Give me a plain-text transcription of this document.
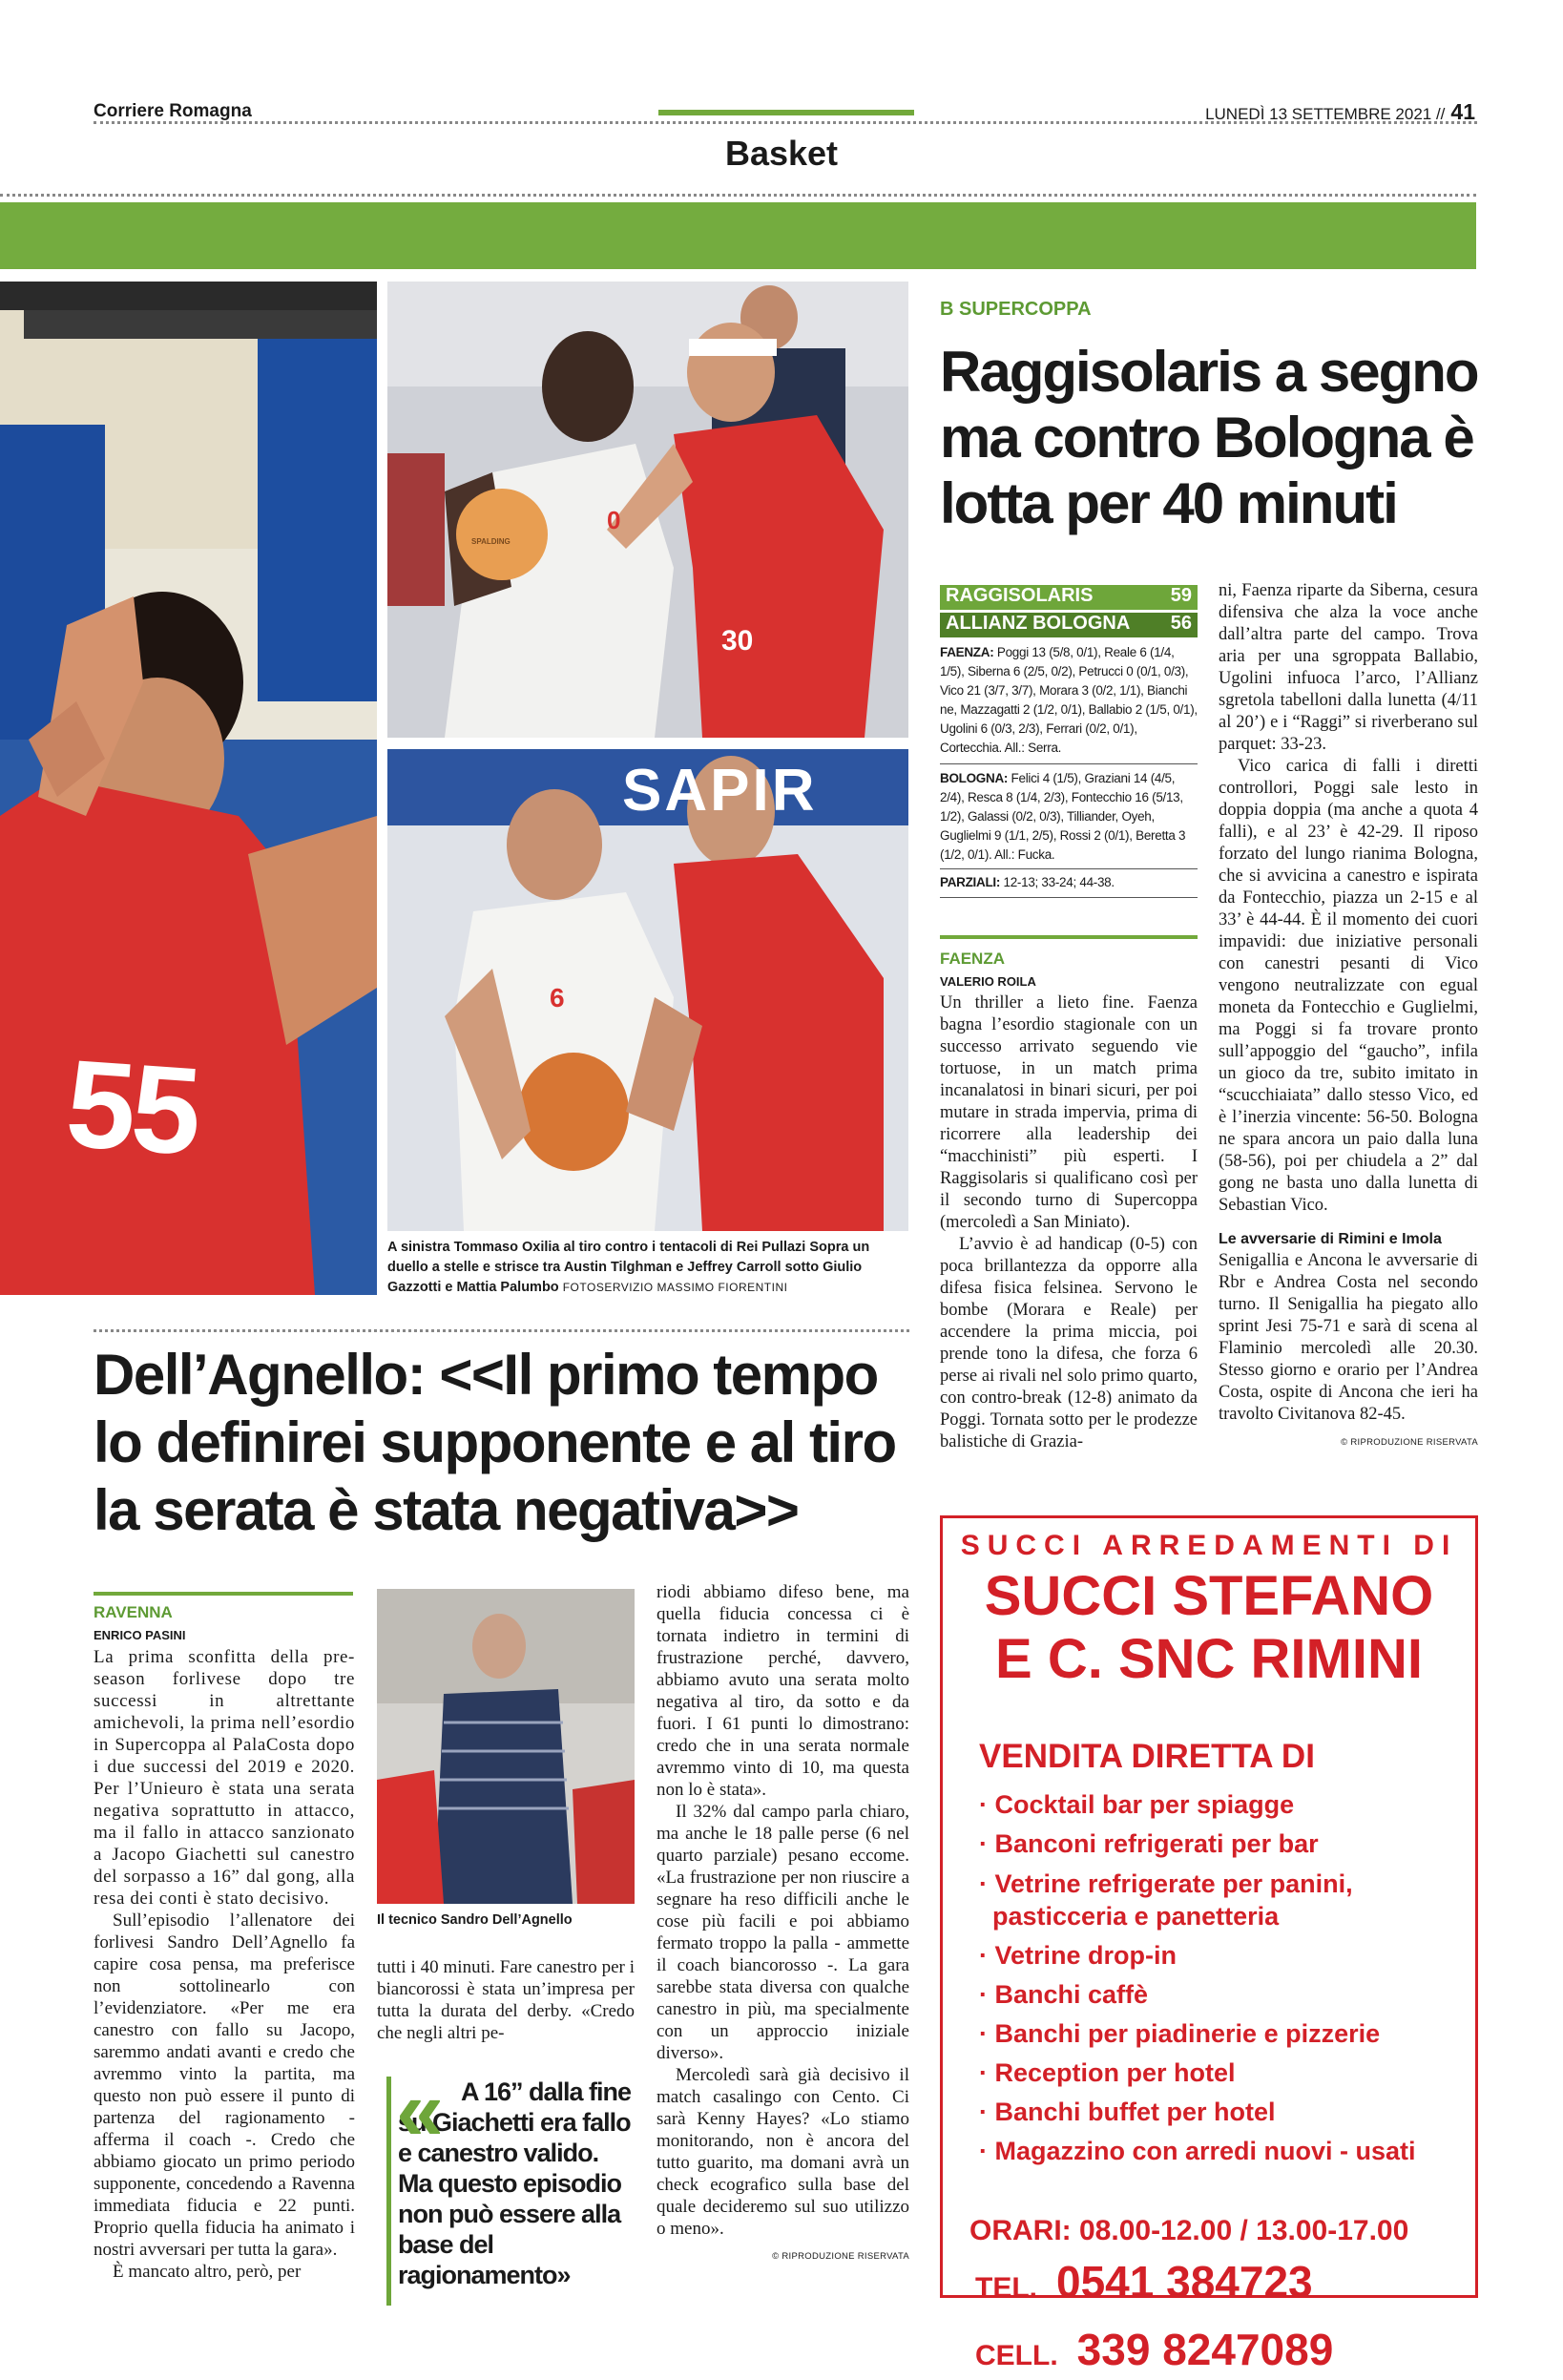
Corriere Romagna	LUNEDÌ 13 SETTEMBRE 2021 // 41
Basket
55
0
30
SPALDING
SAPIR
6
A sinistra Tommaso Oxilia al tiro contro i tentacoli di Rei Pullazi Sopra un duello a stelle e strisce tra Austin Tilghman e Jeffrey Carroll sotto Giulio Gazzotti e Mattia Palumbo FOTOSERVIZIO MASSIMO FIORENTINI
B SUPERCOPPA
Raggisolaris a segno ma contro Bologna è lotta per 40 minuti
RAGGISOLARIS	59
ALLIANZ BOLOGNA 56
FAENZA: Poggi 13 (5/8, 0/1), Reale 6 (1/4, 1/5), Siberna 6 (2/5, 0/2), Petrucci 0 (0/1, 0/3), Vico 21 (3/7, 3/7), Morara 3 (0/2, 1/1), Bianchi ne, Mazzagatti 2 (1/2, 0/1), Ballabio 2 (1/5, 0/1), Ugolini 6 (0/3, 2/3), Ferrari (0/2, 0/1), Cortecchia. All.: Serra.
BOLOGNA: Felici 4 (1/5), Graziani 14 (4/5, 2/4), Resca 8 (1/4, 2/3), Fontecchio 16 (5/13, 1/2), Galassi (0/2, 0/3), Tilliander, Oyeh, Guglielmi 9 (1/1, 2/5), Rossi 2 (0/1), Beretta 3 (1/2, 0/1). All.: Fucka.
PARZIALI: 12-13; 33-24; 44-38.
FAENZA
VALERIO ROILA

Un thriller a lieto fine. Faenza bagna l’esordio stagionale con un successo arrivato seguendo vie tortuose, in un match prima incanalatosi in binari sicuri, per poi mutare in strada impervia, prima di ricorrere alla leadership dei “macchinisti” più esperti. I Raggisolaris si qualificano così per il secondo turno di Supercoppa (mercoledì a San Miniato).

L’avvio è ad handicap (0-5) con poca brillantezza da opporre alla difesa fisica felsinea. Servono le bombe (Morara e Reale) per accendere la prima miccia, poi prende tono la difesa, che forza 6 perse ai rivali nel solo primo quarto, con contro-break (12-8) animato da Poggi. Tornata sotto per le prodezze balistiche di Grazia-

ni, Faenza riparte da Siberna, cesura difensiva che alza la voce anche dall’altra parte del campo. Trova aria per una sgroppata Ballabio, Ugolini infuoca l’arco, l’Allianz sgretola tabelloni dalla lunetta (4/11 al 20’) e i “Raggi” si riverberano sul parquet: 33-23.

Vico carica di falli i diretti controllori, Poggi sale lesto in doppia doppia (ma anche a quota 4 falli), e al 23’ è 42-29. Il riposo forzato del lungo rianima Bologna, che si avvicina a canestro e ispirata da Fontecchio, piazza un 2-15 e al 33’ è 44-44. È il momento dei cuori impavidi: due iniziative personali con canestri pesanti di Vico vengono neutralizzate con egual moneta da Fontecchio e Guglielmi, ma Poggi si fa trovare pronto sull’appoggio del “gaucho”, infila un gioco da tre, subito imitato in “scucchiaiata” dallo stesso Vico, ed è l’inerzia vincente: 56-50. Bologna ne spara ancora un paio dalla luna (58-56), poi per chiudela a 2” dal gong ne basta uno dalla lunetta di Sebastian Vico.

Le avversarie di Rimini e Imola

Senigallia e Ancona le avversarie di Rbr e Andrea Costa nel secondo turno. Il Senigallia ha piegato allo sprint Jesi 75-71 e sarà di scena al Flaminio mercoledì alle 20.30. Stesso giorno e orario per l’Andrea Costa, ospite di Ancona che ieri ha travolto Civitanova 82-45.

© RIPRODUZIONE RISERVATA

SUCCI ARREDAMENTI DI
SUCCI STEFANO
E C. SNC RIMINI
VENDITA DIRETTA DI
· Cocktail bar per spiagge
· Banconi refrigerati per bar
· Vetrine refrigerate per panini,
pasticceria e panetteria
· Vetrine drop-in
· Banchi caffè
· Banchi per piadinerie e pizzerie
· Reception per hotel
· Banchi buffet per hotel
· Magazzino con arredi nuovi - usati
ORARI: 08.00-12.00 / 13.00-17.00
TEL. 0541 384723
CELL. 339 8247089
Dell’Agnello: <<Il primo tempo lo definirei supponente e al tiro la serata è stata negativa>>
RAVENNA
ENRICO PASINI

La prima sconfitta della pre-season forlivese dopo tre successi in altrettante amichevoli, la prima nell’esordio in Supercoppa al PalaCosta dopo i due successi del 2019 e 2020. Per l’Unieuro è stata una serata negativa soprattutto in attacco, ma il fallo in attacco sanzionato a Jacopo Giachetti sul canestro del sorpasso a 16” dal gong, alla resa dei conti è stato decisivo.

Sull’episodio l’allenatore dei forlivesi Sandro Dell’Agnello fa capire cosa pensa, ma preferisce non sottolinearlo con l’evidenziatore. «Per me era canestro con fallo su Jacopo, saremmo andati avanti e credo che avremmo vinto la partita, ma questo non può essere il punto di partenza del ragionamento - afferma il coach -. Credo che abbiamo giocato un primo periodo supponente, concedendo a Ravenna immediata fiducia e 22 punti. Proprio quella fiducia ha animato i nostri avversari per tutta la gara».

È mancato altro, però, per

Il tecnico Sandro Dell’Agnello

tutti i 40 minuti. Fare canestro per i biancorossi è stata un’impresa per tutta la durata del derby. «Credo che negli altri pe-

« A 16” dalla fine su Giachetti era fallo e canestro valido. Ma questo episodio non può essere alla base del ragionamento»

riodi abbiamo difeso bene, ma quella fiducia concessa ci è tornata indietro in termini di frustrazione perché, davvero, abbiamo avuto una serata molto negativa al tiro, da sotto e da fuori. I 61 punti lo dimostrano: credo che in una serata normale avremmo vinto di 10, ma questa non lo è stata».

Il 32% dal campo parla chiaro, ma anche le 18 palle perse (6 nel quarto parziale) pesano eccome. «La frustrazione per non riuscire a segnare ha reso difficili anche le cose più facili e poi abbiamo fermato troppo la palla - ammette il coach biancorosso -. La gara sarebbe stata diversa con qualche canestro in più, ma specialmente con un approccio iniziale diverso».

Mercoledì sarà già decisivo il match casalingo con Cento. Ci sarà Kenny Hayes? «Lo stiamo monitorando, non è ancora del tutto guarito, ma domani avrà un check ecografico sulla base del quale decideremo sul suo utilizzo o meno».

© RIPRODUZIONE RISERVATA
